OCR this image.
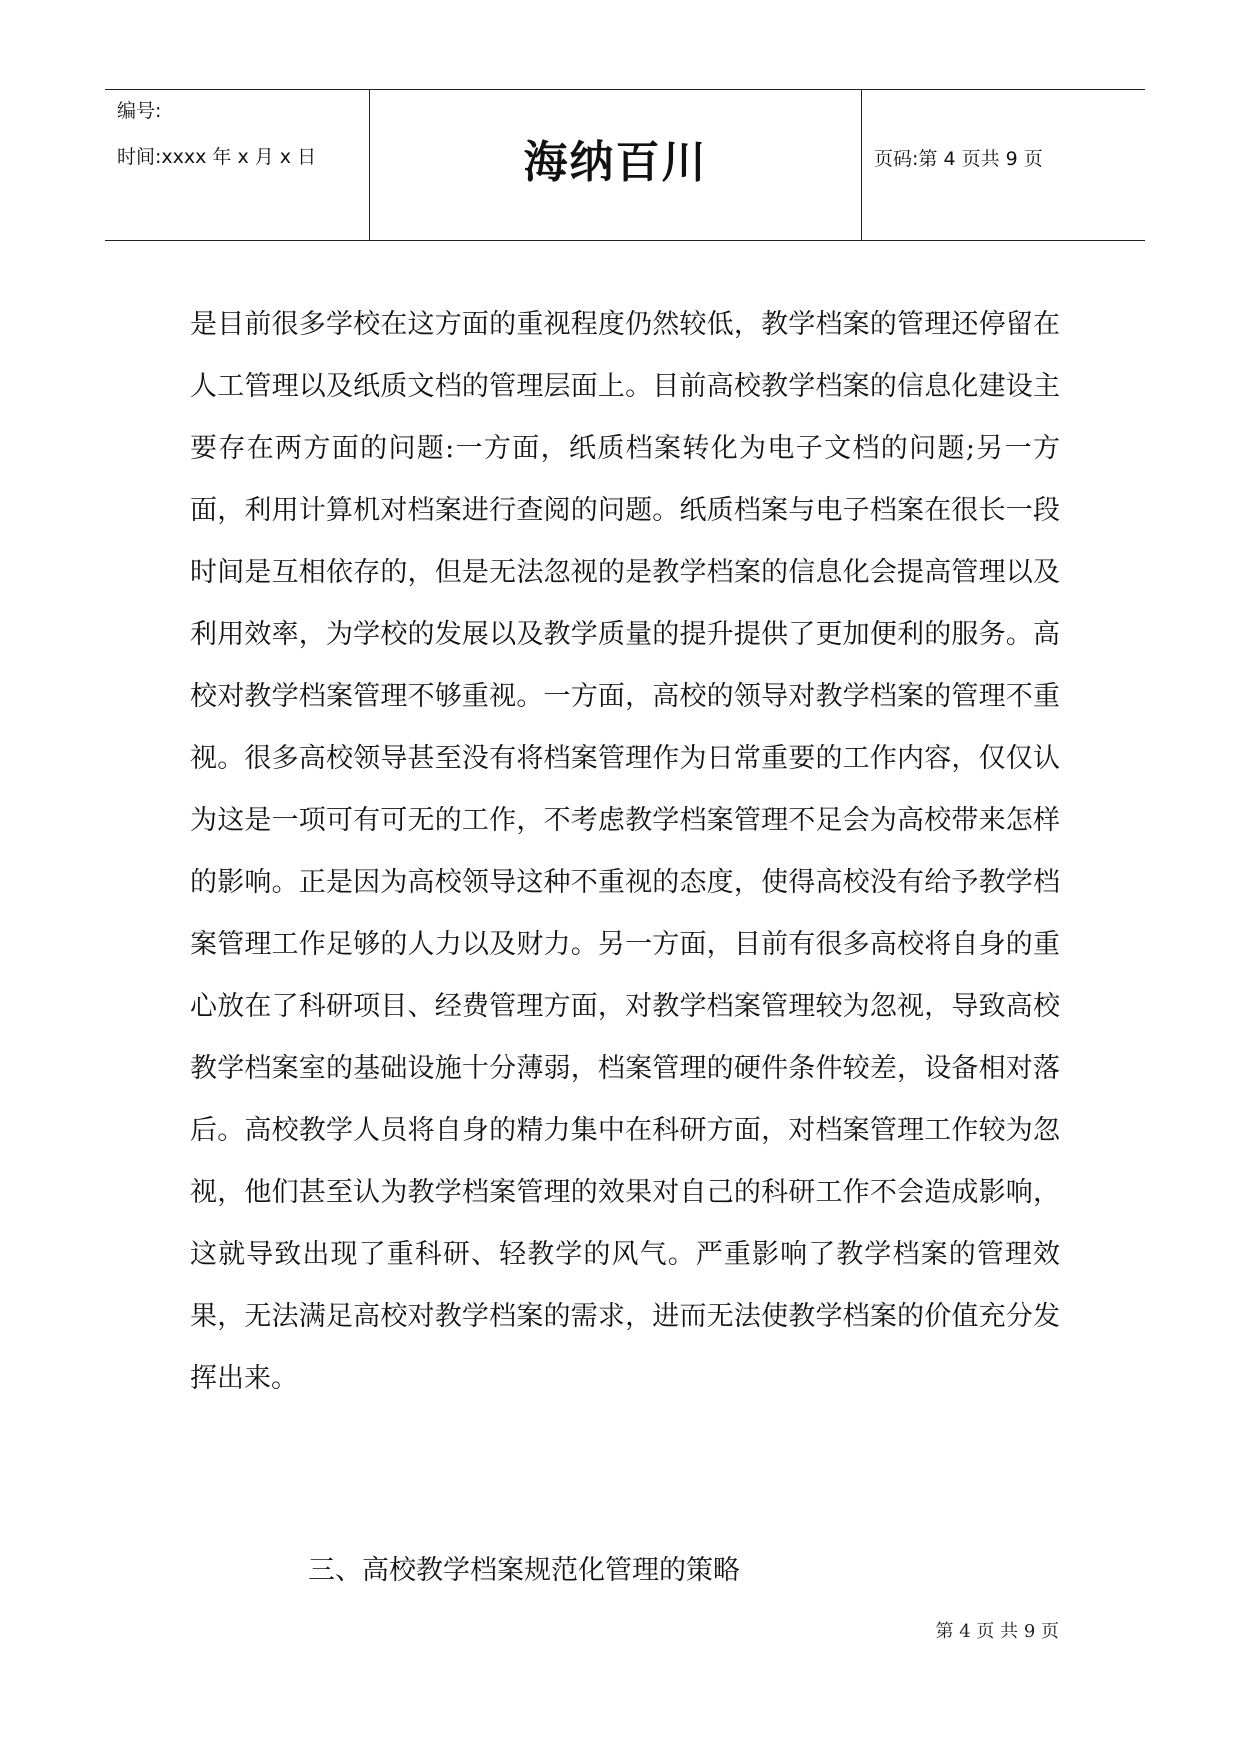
编号:
时间:xxxx 年 x 月 x 日	海纳百川	页码:第 4 页共 9 页

是目前很多学校在这方面的重视程度仍然较低，教学档案的管理还停留在人工管理以及纸质文档的管理层面上。目前高校教学档案的信息化建设主要存在两方面的问题:一方面，纸质档案转化为电子文档的问题;另一方面，利用计算机对档案进行查阅的问题。纸质档案与电子档案在很长一段时间是互相依存的，但是无法忽视的是教学档案的信息化会提高管理以及利用效率，为学校的发展以及教学质量的提升提供了更加便利的服务。高校对教学档案管理不够重视。一方面，高校的领导对教学档案的管理不重视。很多高校领导甚至没有将档案管理作为日常重要的工作内容，仅仅认为这是一项可有可无的工作，不考虑教学档案管理不足会为高校带来怎样的影响。正是因为高校领导这种不重视的态度，使得高校没有给予教学档案管理工作足够的人力以及财力。另一方面，目前有很多高校将自身的重心放在了科研项目、经费管理方面，对教学档案管理较为忽视，导致高校教学档案室的基础设施十分薄弱，档案管理的硬件条件较差，设备相对落后。高校教学人员将自身的精力集中在科研方面，对档案管理工作较为忽视，他们甚至认为教学档案管理的效果对自己的科研工作不会造成影响，这就导致出现了重科研、轻教学的风气。严重影响了教学档案的管理效果，无法满足高校对教学档案的需求，进而无法使教学档案的价值充分发挥出来。

三、高校教学档案规范化管理的策略
第 4 页 共 9 页
